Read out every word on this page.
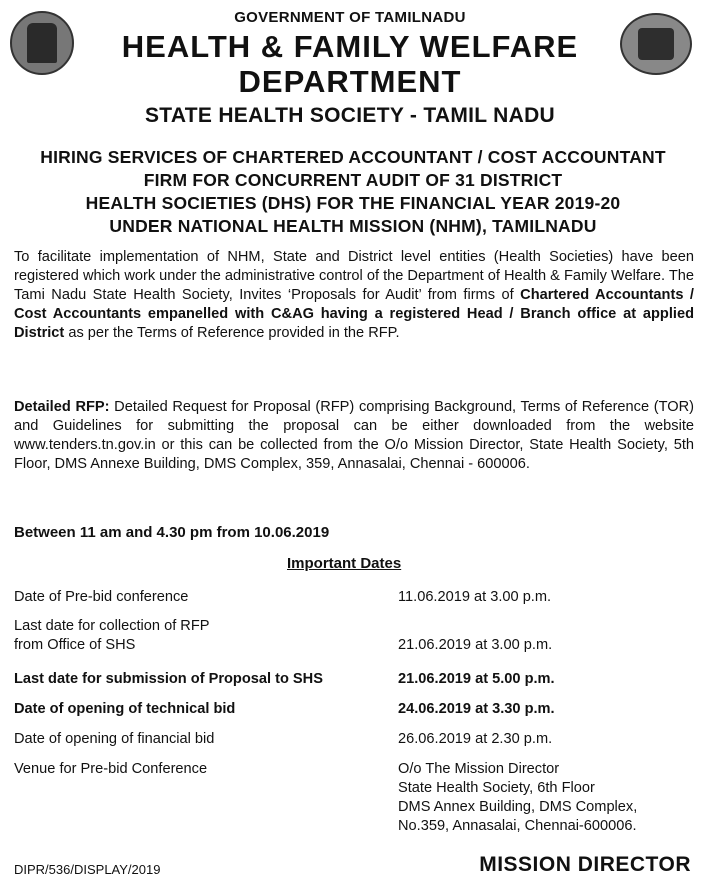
GOVERNMENT OF TAMILNADU
HEALTH & FAMILY WELFARE
DEPARTMENT
STATE HEALTH SOCIETY - TAMIL NADU
HIRING SERVICES OF CHARTERED ACCOUNTANT / COST ACCOUNTANT
FIRM FOR CONCURRENT AUDIT OF 31 DISTRICT
HEALTH SOCIETIES (DHS) FOR THE FINANCIAL YEAR 2019-20
UNDER NATIONAL HEALTH MISSION (NHM), TAMILNADU
To facilitate implementation of NHM, State and District level entities (Health Societies) have been registered which work under the administrative control of the Department of Health & Family Welfare. The Tami Nadu State Health Society, Invites ‘Proposals for Audit’ from firms of Chartered Accountants / Cost Accountants empanelled with C&AG having a registered Head / Branch office at applied District as per the Terms of Reference provided in the RFP.
Detailed RFP: Detailed Request for Proposal (RFP) comprising Background, Terms of Reference (TOR) and Guidelines for submitting the proposal can be either downloaded from the website www.tenders.tn.gov.in or this can be collected from the O/o Mission Director, State Health Society, 5th Floor, DMS Annexe Building, DMS Complex, 359, Annasalai, Chennai - 600006.
Between 11 am and 4.30 pm from 10.06.2019
Important Dates
Date of Pre-bid conference	11.06.2019 at 3.00 p.m.
Last date for collection of RFP
from Office of SHS	21.06.2019 at 3.00 p.m.
Last date for submission of Proposal to SHS	21.06.2019 at 5.00 p.m.
Date of opening of technical bid	24.06.2019 at 3.30 p.m.
Date of opening of financial bid	26.06.2019 at 2.30 p.m.
Venue for Pre-bid Conference	O/o The Mission Director
State Health Society, 6th Floor
DMS Annex Building, DMS Complex,
No.359, Annasalai, Chennai-600006.
DIPR/536/DISPLAY/2019	MISSION DIRECTOR
